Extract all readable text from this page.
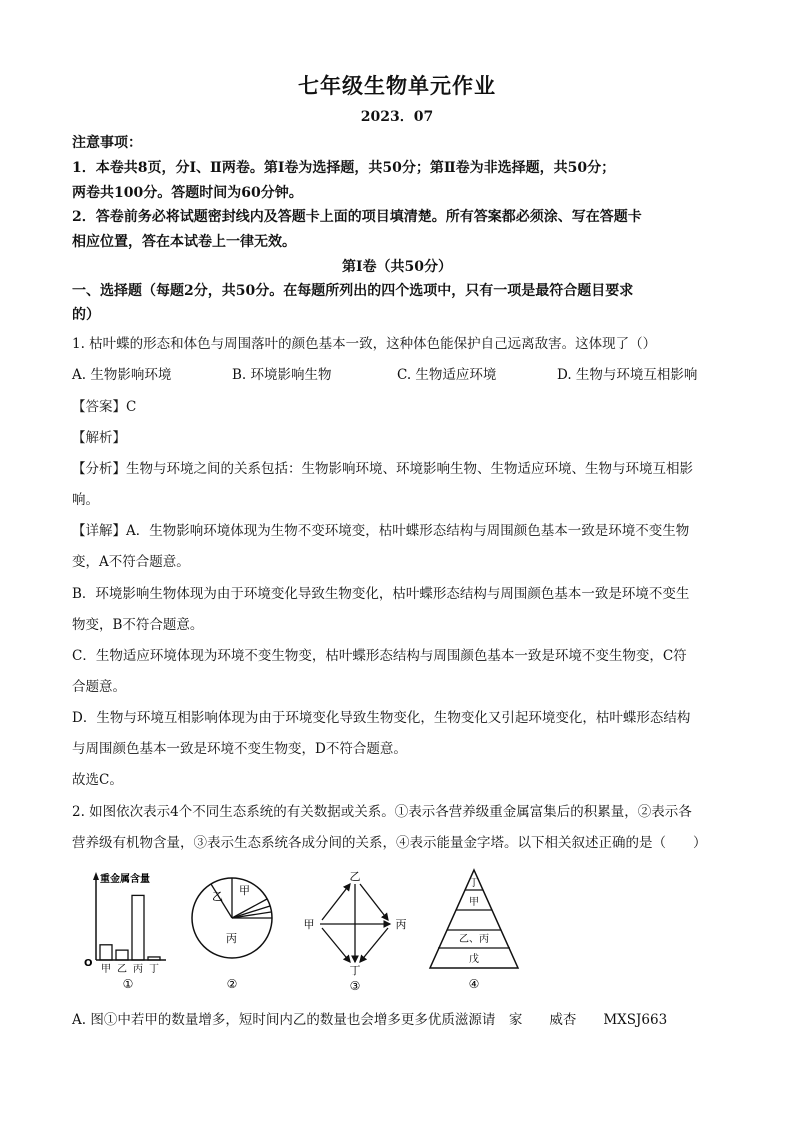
七年级生物单元作业
2023．07
注意事项：
1．本卷共8页，分Ⅰ、Ⅱ两卷。第Ⅰ卷为选择题，共50分；第Ⅱ卷为非选择题，共50分；
两卷共100分。答题时间为60分钟。
2．答卷前务必将试题密封线内及答题卡上面的项目填清楚。所有答案都必须涂、写在答题卡
相应位置，答在本试卷上一律无效。
第Ⅰ卷（共50分）
一、选择题（每题2分，共50分。在每题所列出的四个选项中，只有一项是最符合题目要求
的）
1. 枯叶蝶的形态和体色与周围落叶的颜色基本一致，这种体色能保护自己远离敌害。这体现了（）
A. 生物影响环境	B. 环境影响生物	C. 生物适应环境	D. 生物与环境互相影响
【答案】C
【解析】
【分析】生物与环境之间的关系包括：生物影响环境、环境影响生物、生物适应环境、生物与环境互相影
响。
【详解】A．生物影响环境体现为生物不变环境变，枯叶蝶形态结构与周围颜色基本一致是环境不变生物
变，A不符合题意。
B．环境影响生物体现为由于环境变化导致生物变化，枯叶蝶形态结构与周围颜色基本一致是环境不变生
物变，B不符合题意。
C．生物适应环境体现为环境不变生物变，枯叶蝶形态结构与周围颜色基本一致是环境不变生物变，C符
合题意。
D．生物与环境互相影响体现为由于环境变化导致生物变化，生物变化又引起环境变化，枯叶蝶形态结构
与周围颜色基本一致是环境不变生物变，D不符合题意。
故选C。
2. 如图依次表示4个不同生态系统的有关数据或关系。①表示各营养级重金属富集后的积累量，②表示各
营养级有机物含量，③表示生态系统各成分间的关系，④表示能量金字塔。以下相关叙述正确的是（　　）
重金属含量
O
甲 乙 丙 丁
①
乙 甲
丙
②
乙
甲	丙
丁
③
丁
甲
乙、丙
戊
④
A. 图①中若甲的数量增多，短时间内乙的数量也会增多更多优质滋源请　家　　威杏　　MXSJ663
